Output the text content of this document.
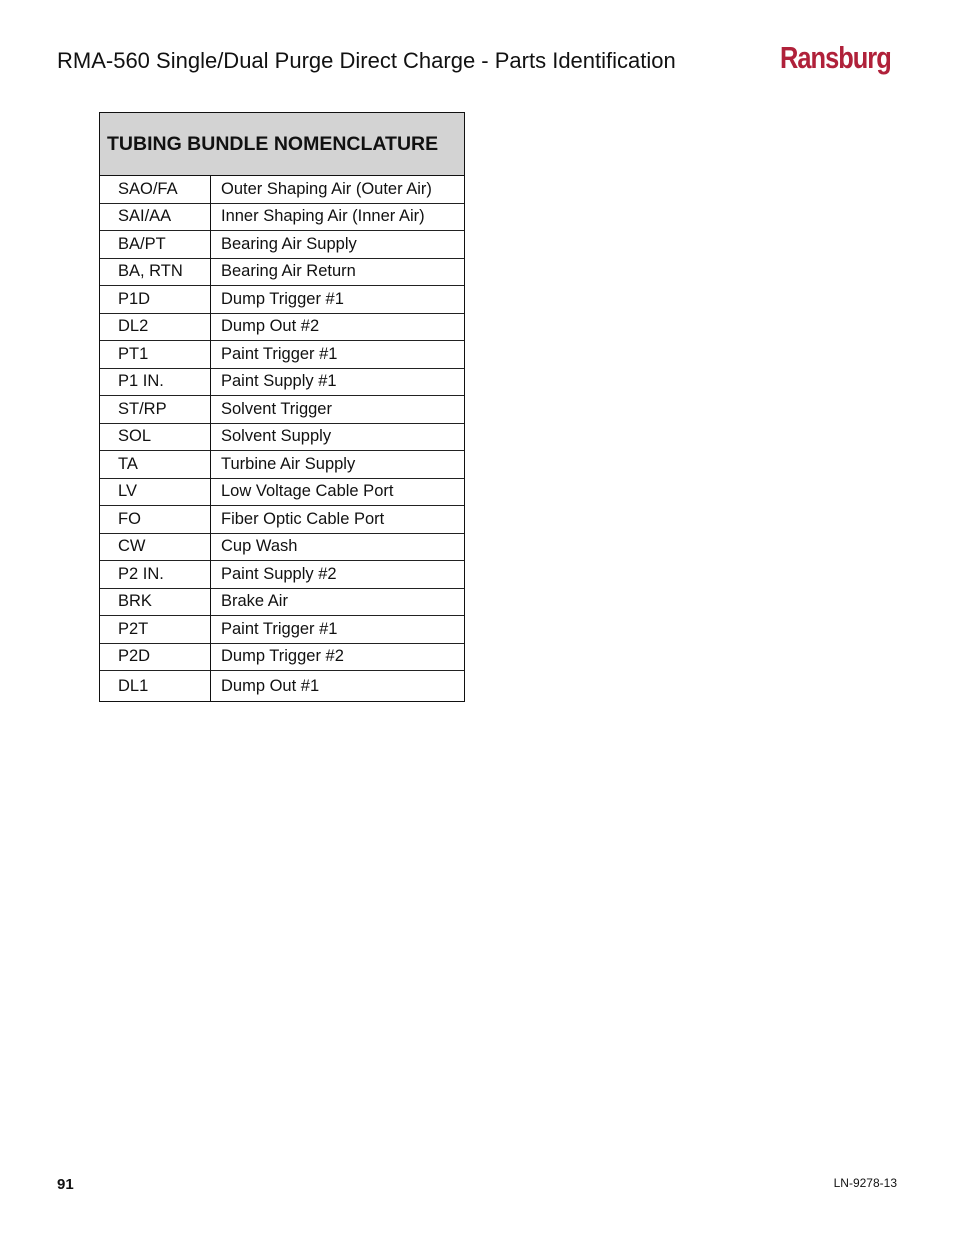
RMA-560 Single/Dual Purge Direct Charge - Parts Identification	Ransburg
TUBING BUNDLE NOMENCLATURE
SAO/FA	Outer Shaping Air (Outer Air)
SAI/AA	Inner Shaping Air (Inner Air)
BA/PT	Bearing Air Supply
BA, RTN	Bearing Air Return
P1D	Dump Trigger #1
DL2	Dump Out #2
PT1	Paint Trigger #1
P1 IN.	Paint Supply #1
ST/RP	Solvent Trigger
SOL	Solvent Supply
TA	Turbine Air Supply
LV	Low Voltage Cable Port
FO	Fiber Optic Cable Port
CW	Cup Wash
P2 IN.	Paint Supply #2
BRK	Brake Air
P2T	Paint Trigger #1
P2D	Dump Trigger #2
DL1	Dump Out #1
91	LN-9278-13
